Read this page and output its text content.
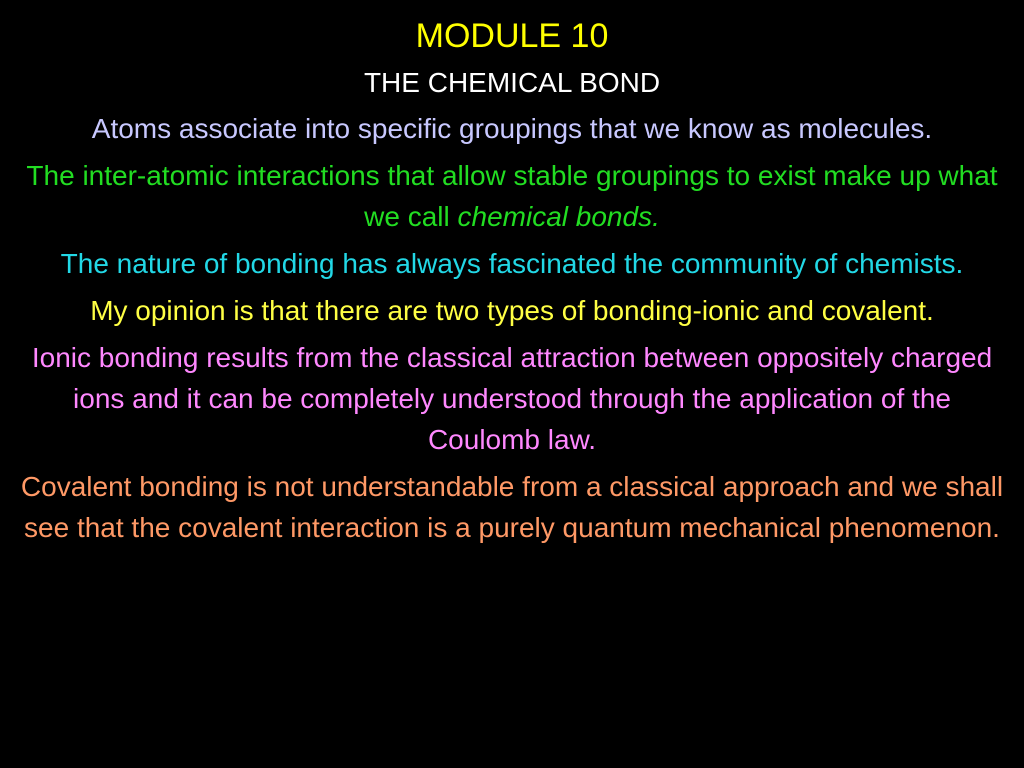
MODULE 10
THE CHEMICAL BOND

Atoms associate into specific groupings that we know as molecules.

The inter-atomic interactions that allow stable groupings to exist make up what we call chemical bonds.

The nature of bonding has always fascinated the community of chemists.

My opinion is that there are two types of bonding-ionic and covalent.

Ionic bonding results from the classical attraction between oppositely charged ions and it can be completely understood through the application of the Coulomb law.

Covalent bonding is not understandable from a classical approach and we shall see that the covalent interaction is a purely quantum mechanical phenomenon.
